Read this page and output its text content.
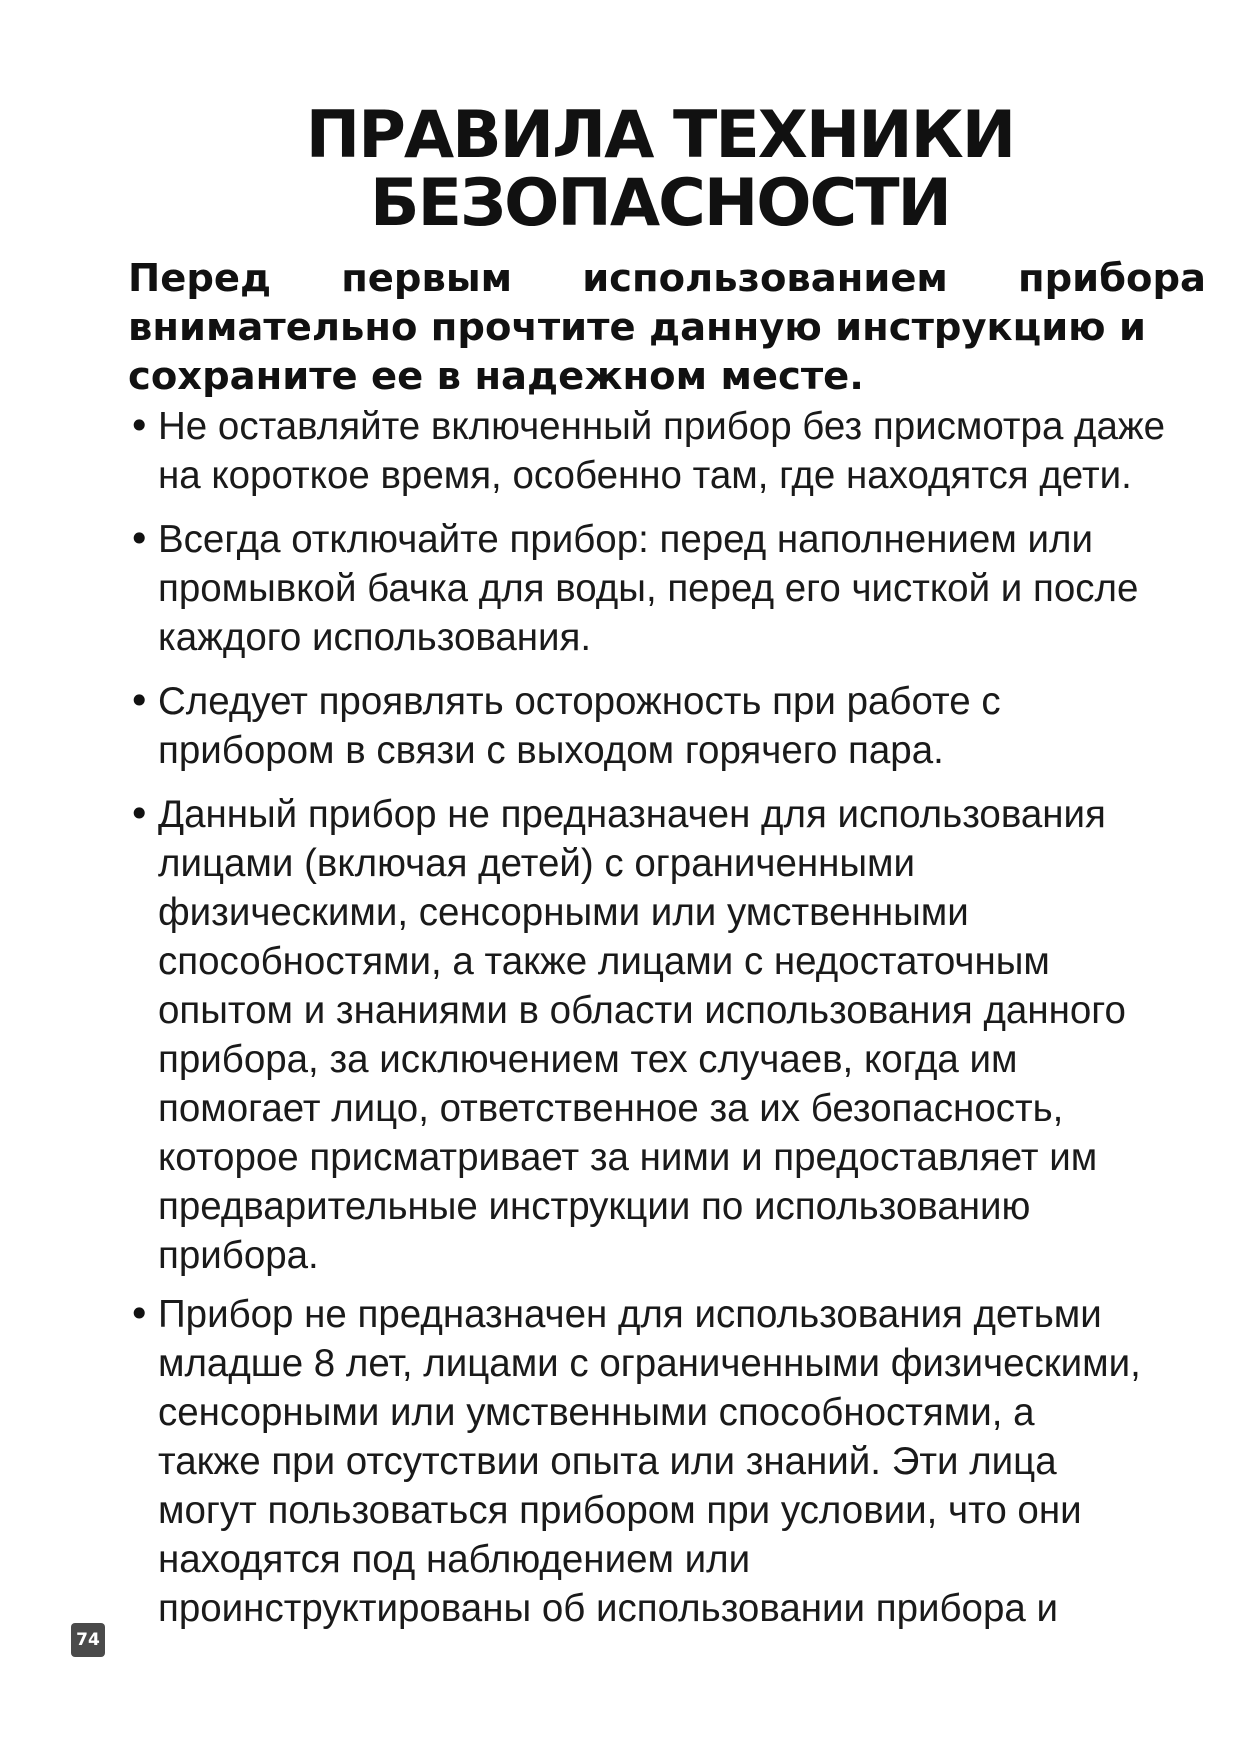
ПРАВИЛА ТЕХНИКИ
БЕЗОПАСНОСТИ
Перед первым использованием прибора
внимательно прочтите данную инструкцию и
сохраните ее в надежном месте.
• Не оставляйте включенный прибор без присмотра даже
на короткое время, особенно там, где находятся дети.
• Всегда отключайте прибор: перед наполнением или
промывкой бачка для воды, перед его чисткой и после
каждого использования.
• Следует проявлять осторожность при работе с
прибором в связи с выходом горячего пара.
• Данный прибор не предназначен для использования
лицами (включая детей) с ограниченными
физическими, сенсорными или умственными
способностями, а также лицами с недостаточным
опытом и знаниями в области использования данного
прибора, за исключением тех случаев, когда им
помогает лицо, ответственное за их безопасность,
которое присматривает за ними и предоставляет им
предварительные инструкции по использованию
прибора.
• Прибор не предназначен для использования детьми
младше 8 лет, лицами с ограниченными физическими,
сенсорными или умственными способностями, а
также при отсутствии опыта или знаний. Эти лица
могут пользоваться прибором при условии, что они
находятся под наблюдением или
проинструктированы об использовании прибора и
74
